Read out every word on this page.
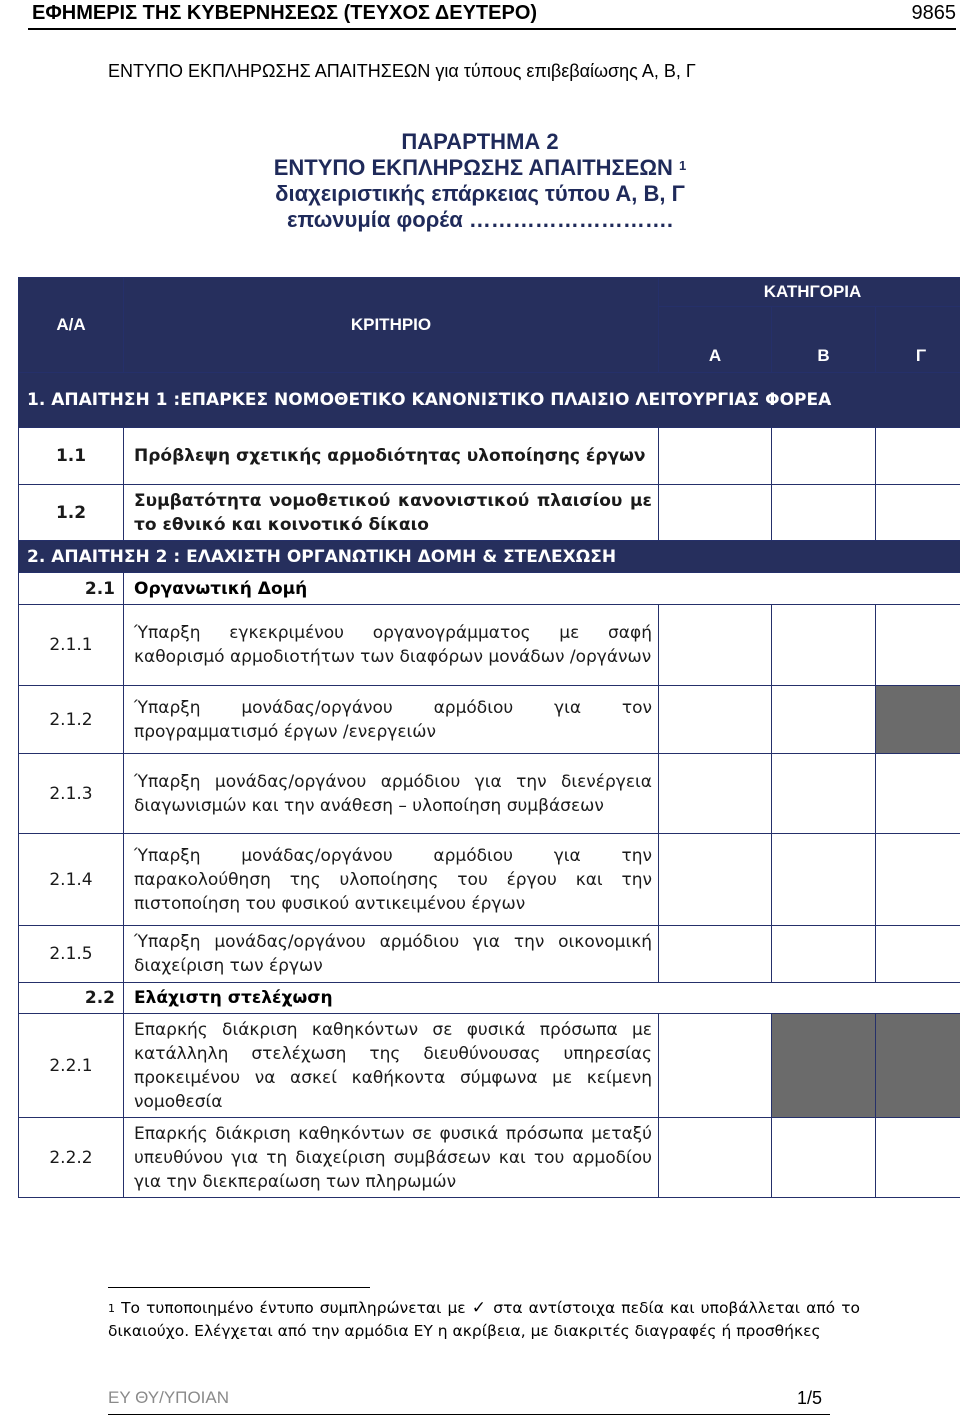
ΕΦΗΜΕΡΙΣ ΤΗΣ ΚΥΒΕΡΝΗΣΕΩΣ (ΤΕΥΧΟΣ ΔΕΥΤΕΡΟ)	9865
ΕΝΤΥΠΟ ΕΚΠΛΗΡΩΣΗΣ ΑΠΑΙΤΗΣΕΩΝ για τύπους επιβεβαίωσης Α, Β, Γ
ΠΑΡΑΡΤΗΜΑ 2
ΕΝΤΥΠΟ ΕΚΠΛΗΡΩΣΗΣ ΑΠΑΙΤΗΣΕΩΝ $^1$
διαχειριστικής επάρκειας τύπου Α, Β, Γ
επωνυμία φορέα ……………………….
Α/Α	ΚΡΙΤΗΡΙΟ	ΚΑΤΗΓΟΡΙΑ		
		Α	Β	Γ
1. ΑΠΑΙΤΗΣΗ 1 :ΕΠΑΡΚΕΣ ΝΟΜΟΘΕΤΙΚΟ ΚΑΝΟΝΙΣΤΙΚΟ ΠΛΑΙΣΙΟ ΛΕΙΤΟΥΡΓΙΑΣ ΦΟΡΕΑ				
1.1	Πρόβλεψη σχετικής αρμοδιότητας υλοποίησης έργων			
1.2	Συμβατότητα νομοθετικού κανονιστικού πλαισίου με το εθνικό και κοινοτικό δίκαιο			
2. ΑΠΑΙΤΗΣΗ 2 : ΕΛΑΧΙΣΤΗ ΟΡΓΑΝΩΤΙΚΗ ΔΟΜΗ & ΣΤΕΛΕΧΩΣΗ				
2.1	Οργανωτική Δομή			
2.1.1	Ύπαρξη εγκεκριμένου οργανογράμματος με σαφή καθορισμό αρμοδιοτήτων των διαφόρων μονάδων /οργάνων			
2.1.2	Ύπαρξη μονάδας/οργάνου αρμόδιου για τον προγραμματισμό έργων /ενεργειών			
2.1.3	Ύπαρξη μονάδας/οργάνου αρμόδιου για την διενέργεια διαγωνισμών και την ανάθεση – υλοποίηση συμβάσεων			
2.1.4	Ύπαρξη μονάδας/οργάνου αρμόδιου για την παρακολούθηση της υλοποίησης του έργου και την πιστοποίηση του φυσικού αντικειμένου έργων			
2.1.5	Ύπαρξη μονάδας/οργάνου αρμόδιου για την οικονομική διαχείριση των έργων			
2.2	Ελάχιστη στελέχωση			
2.2.1	Επαρκής διάκριση καθηκόντων σε φυσικά πρόσωπα με κατάλληλη στελέχωση της διευθύνουσας υπηρεσίας προκειμένου να ασκεί καθήκοντα σύμφωνα με κείμενη νομοθεσία			
2.2.2	Επαρκής διάκριση καθηκόντων σε φυσικά πρόσωπα μεταξύ υπευθύνου για τη διαχείριση συμβάσεων και του αρμοδίου για την διεκπεραίωση των πληρωμών			
$^1$ Το τυποποιημένο έντυπο συμπληρώνεται με ✓ στα αντίστοιχα πεδία και υποβάλλεται από το δικαιούχο. Ελέγχεται από την αρμόδια ΕΥ η ακρίβεια, με διακριτές διαγραφές ή προσθήκες
ΕΥ ΘΥ/ΥΠΟΙΑΝ	1/5
